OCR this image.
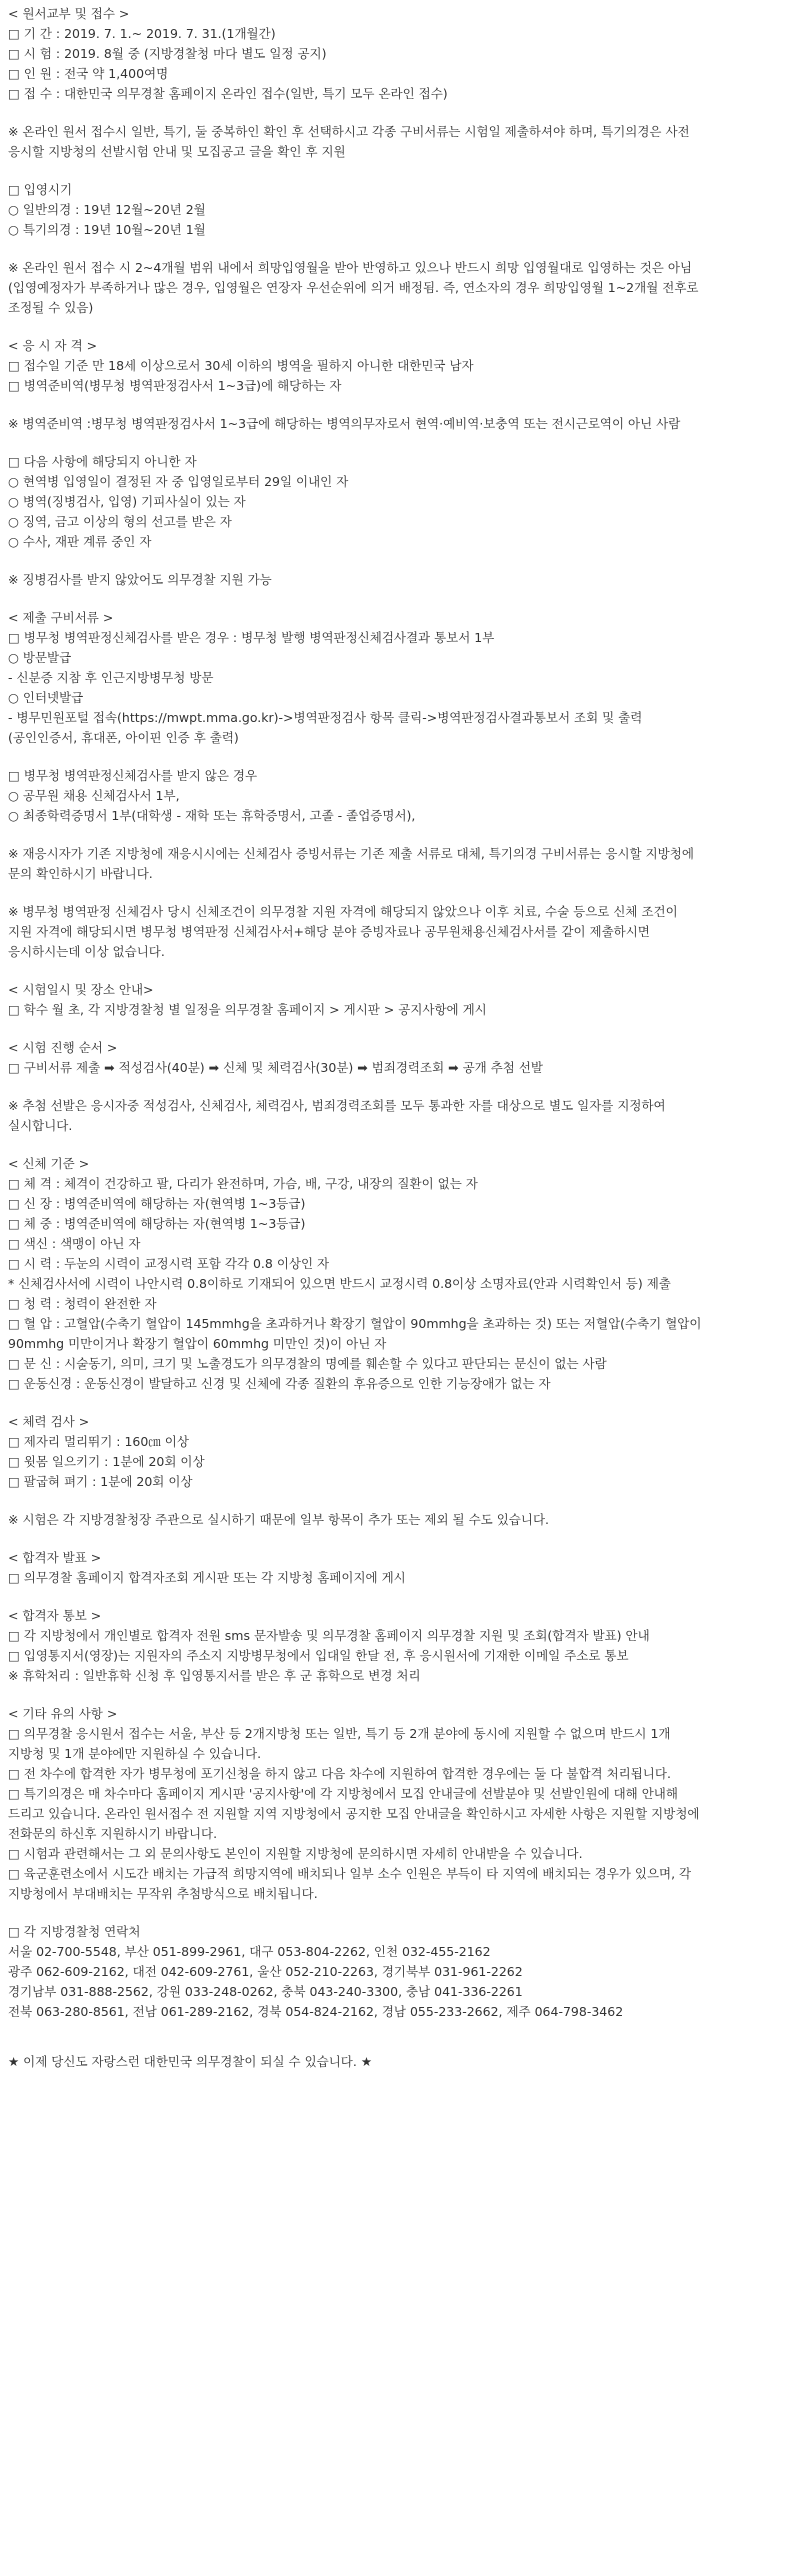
< 원서교부 및 접수 >
□ 기 간 : 2019. 7. 1.~ 2019. 7. 31.(1개월간)
□ 시 험 : 2019. 8월 중 (지방경찰청 마다 별도 일정 공지)
□ 인 원 : 전국 약 1,400여명
□ 접 수 : 대한민국 의무경찰 홈페이지 온라인 접수(일반, 특기 모두 온라인 접수)
※ 온라인 원서 접수시 일반, 특기, 둘 중복하인 확인 후 선택하시고 각종 구비서류는 시험일 제출하셔야 하며, 특기의경은 사전
응시할 지방청의 선발시험 안내 및 모집공고 글을 확인 후 지원
□ 입영시기
○ 일반의경 : 19년 12월~20년 2월
○ 특기의경 : 19년 10월~20년 1월
※ 온라인 원서 접수 시 2~4개월 범위 내에서 희망입영월을 받아 반영하고 있으나 반드시 희망 입영월대로 입영하는 것은 아님
(입영예정자가 부족하거나 많은 경우, 입영월은 연장자 우선순위에 의거 배정됨. 즉, 연소자의 경우 희망입영월 1~2개월 전후로
조정될 수 있음)
< 응 시 자 격 >
□ 접수일 기준 만 18세 이상으로서 30세 이하의 병역을 필하지 아니한 대한민국 남자
□ 병역준비역(병무청 병역판정검사서 1~3급)에 해당하는 자
※ 병역준비역 :병무청 병역판정검사서 1~3급에 해당하는 병역의무자로서 현역·예비역·보충역 또는 전시근로역이 아닌 사람
□ 다음 사항에 해당되지 아니한 자
○ 현역병 입영일이 결정된 자 중 입영일로부터 29일 이내인 자
○ 병역(징병검사, 입영) 기피사실이 있는 자
○ 징역, 금고 이상의 형의 선고를 받은 자
○ 수사, 재판 계류 중인 자
※ 징병검사를 받지 않았어도 의무경찰 지원 가능
< 제출 구비서류 >
□ 병무청 병역판정신체검사를 받은 경우 : 병무청 발행 병역판정신체검사결과 통보서 1부
○ 방문발급
- 신분증 지참 후 인근지방병무청 방문
○ 인터넷발급
- 병무민원포털 접속(https://mwpt.mma.go.kr)->병역판정검사 항목 클릭->병역판정검사결과통보서 조회 및 출력
(공인인증서, 휴대폰, 아이핀 인증 후 출력)
□ 병무청 병역판정신체검사를 받지 않은 경우
○ 공무원 채용 신체검사서 1부,
○ 최종학력증명서 1부(대학생 - 재학 또는 휴학증명서, 고졸 - 졸업증명서),
※ 재응시자가 기존 지방청에 재응시시에는 신체검사 증빙서류는 기존 제출 서류로 대체, 특기의경 구비서류는 응시할 지방청에
문의 확인하시기 바랍니다.
※ 병무청 병역판정 신체검사 당시 신체조건이 의무경찰 지원 자격에 해당되지 않았으나 이후 치료, 수술 등으로 신체 조건이
지원 자격에 해당되시면 병무청 병역판정 신체검사서+해당 분야 증빙자료나 공무원채용신체검사서를 같이 제출하시면
응시하시는데 이상 없습니다.
< 시험일시 및 장소 안내>
□ 학수 월 초, 각 지방경찰청 별 일정을 의무경찰 홈페이지 > 게시판 > 공지사항에 게시
< 시험 진행 순서 >
□ 구비서류 제출 ➡ 적성검사(40분) ➡ 신체 및 체력검사(30분) ➡ 범죄경력조회 ➡ 공개 추첨 선발
※ 추첨 선발은 응시자중 적성검사, 신체검사, 체력검사, 범죄경력조회를 모두 통과한 자를 대상으로 별도 일자를 지정하여
실시합니다.
< 신체 기준 >
□ 체 격 : 체격이 건강하고 팔, 다리가 완전하며, 가슴, 배, 구강, 내장의 질환이 없는 자
□ 신 장 : 병역준비역에 해당하는 자(현역병 1~3등급)
□ 체 중 : 병역준비역에 해당하는 자(현역병 1~3등급)
□ 색신 : 색맹이 아닌 자
□ 시 력 : 두눈의 시력이 교정시력 포함 각각 0.8 이상인 자
* 신체검사서에 시력이 나안시력 0.8이하로 기재되어 있으면 반드시 교정시력 0.8이상 소명자료(안과 시력확인서 등) 제출
□ 청 력 : 청력이 완전한 자
□ 혈 압 : 고혈압(수축기 혈압이 145mmhg을 초과하거나 확장기 혈압이 90mmhg을 초과하는 것) 또는 저혈압(수축기 혈압이
90mmhg 미만이거나 확장기 혈압이 60mmhg 미만인 것)이 아닌 자
□ 문 신 : 시술동기, 의미, 크기 및 노출경도가 의무경찰의 명예를 훼손할 수 있다고 판단되는 문신이 없는 사람
□ 운동신경 : 운동신경이 발달하고 신경 및 신체에 각종 질환의 후유증으로 인한 기능장애가 없는 자
< 체력 검사 >
□ 제자리 멀리뛰기 : 160㎝ 이상
□ 윗몸 일으키기 : 1분에 20회 이상
□ 팔굽혀 펴기 : 1분에 20회 이상
※ 시험은 각 지방경찰청장 주관으로 실시하기 때문에 일부 항목이 추가 또는 제외 될 수도 있습니다.
< 합격자 발표 >
□ 의무경찰 홈페이지 합격자조회 게시판 또는 각 지방청 홈페이지에 게시
< 합격자 통보 >
□ 각 지방청에서 개인별로 합격자 전원 sms 문자발송 및 의무경찰 홈페이지 의무경찰 지원 및 조회(합격자 발표) 안내
□ 입영통지서(영장)는 지원자의 주소지 지방병무청에서 입대일 한달 전, 후 응시원서에 기재한 이메일 주소로 통보
※ 휴학처리 : 일반휴학 신청 후 입영통지서를 받은 후 군 휴학으로 변경 처리
< 기타 유의 사항 >
□ 의무경찰 응시원서 접수는 서울, 부산 등 2개지방청 또는 일반, 특기 등 2개 분야에 동시에 지원할 수 없으며 반드시 1개
지방청 및 1개 분야에만 지원하실 수 있습니다.
□ 전 차수에 합격한 자가 병무청에 포기신청을 하지 않고 다음 차수에 지원하여 합격한 경우에는 둘 다 불합격 처리됩니다.
□ 특기의경은 매 차수마다 홈페이지 게시판 '공지사항'에 각 지방청에서 모집 안내글에 선발분야 및 선발인원에 대해 안내해
드리고 있습니다. 온라인 원서접수 전 지원할 지역 지방청에서 공지한 모집 안내글을 확인하시고 자세한 사항은 지원할 지방청에
전화문의 하신후 지원하시기 바랍니다.
□ 시험과 관련해서는 그 외 문의사항도 본인이 지원할 지방청에 문의하시면 자세히 안내받을 수 있습니다.
□ 육군훈련소에서 시도간 배치는 가급적 희망지역에 배치되나 일부 소수 인원은 부득이 타 지역에 배치되는 경우가 있으며, 각
지방청에서 부대배치는 무작위 추첨방식으로 배치됩니다.
□ 각 지방경찰청 연락처
서울 02-700-5548, 부산 051-899-2961, 대구 053-804-2262, 인천 032-455-2162
광주 062-609-2162, 대전 042-609-2761, 울산 052-210-2263, 경기북부 031-961-2262
경기남부 031-888-2562, 강원 033-248-0262, 충북 043-240-3300, 충남 041-336-2261
전북 063-280-8561, 전남 061-289-2162, 경북 054-824-2162, 경남 055-233-2662, 제주 064-798-3462
★ 이제 당신도 자랑스런 대한민국 의무경찰이 되실 수 있습니다. ★
